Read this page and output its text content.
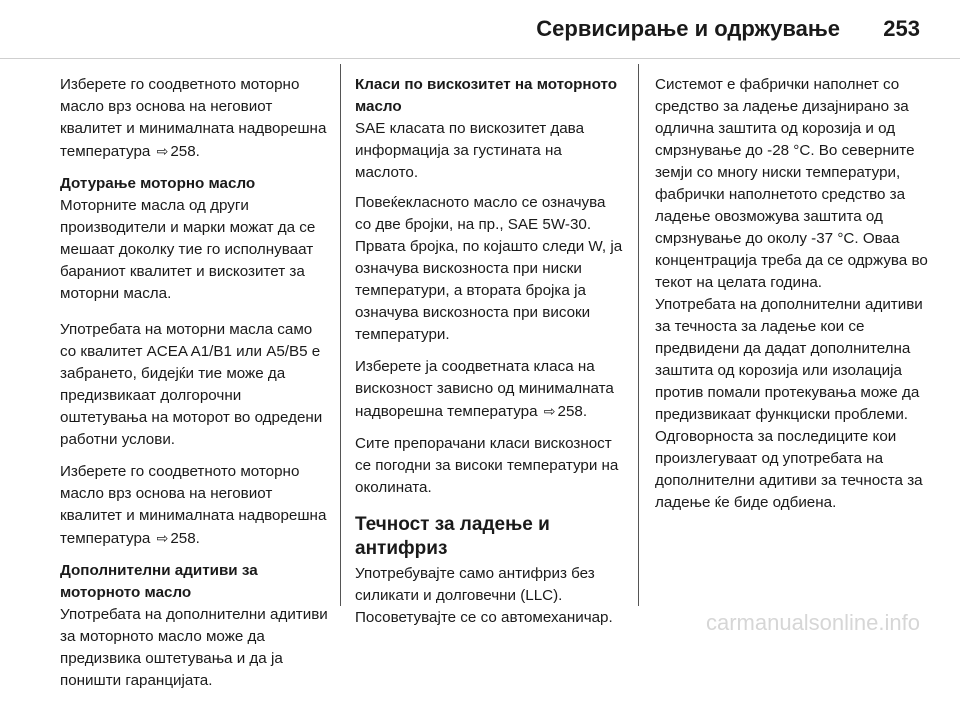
Сервисирање и одржување 253

Изберете го соодветното моторно масло врз основа на неговиот квалитет и минималната надворешна температура ⇨ 258.

Дотурање моторно масло

Моторните масла од други производители и марки можат да се мешаат доколку тие го исполнуваат бараниот квалитет и вискозитет за моторни масла.

Употребата на моторни масла само со квалитет ACEA A1/B1 или A5/B5 е забрането, бидејќи тие може да предизвикаат долгорочни оштетувања на моторот во одредени работни услови.

Изберете го соодветното моторно масло врз основа на неговиот квалитет и минималната надворешна температура ⇨ 258.

Дополнителни адитиви за моторното масло

Употребата на дополнителни адитиви за моторното масло може да предизвика оштетувања и да ја поништи гаранцијата.

Класи по вискозитет на моторното масло

SAE класата по вискозитет дава информација за густината на маслото.

Повеќекласното масло се означува со две бројки, на пр., SAE 5W-30. Првата бројка, по којашто следи W, ја означува вискозноста при ниски температури, а втората бројка ја означува вискозноста при високи температури.

Изберете ја соодветната класа на вискозност зависно од минималната надворешна температура ⇨ 258.

Сите препорачани класи вискозност се погодни за високи температури на околината.

Течност за ладење и антифриз

Употребувајте само антифриз без силикати и долговечни (LLC). Посоветувајте се со автомеханичар.

Системот е фабрички наполнет со средство за ладење дизајнирано за одлична заштита од корозија и од смрзнување до -28 °C. Во северните земји со многу ниски температури, фабрички наполнетото средство за ладење овозможува заштита од смрзнување до околу -37 °C. Оваа концентрација треба да се одржува во текот на целата година.

Употребата на дополнителни адитиви за течноста за ладење кои се предвидени да дадат дополнителна заштита од корозија или изолација против помали протекувања може да предизвикаат функциски проблеми. Одговорноста за последиците кои произлегуваат од употребата на дополнителни адитиви за течноста за ладење ќе биде одбиена.

carmanualsonline.info
